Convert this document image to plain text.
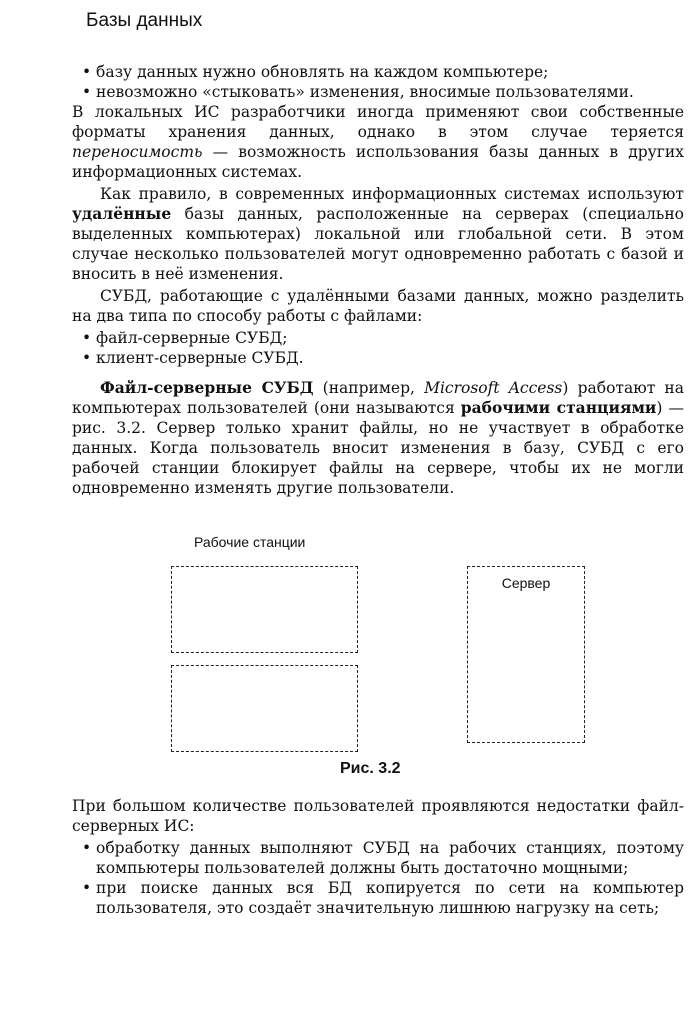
Базы данных

• базу данных нужно обновлять на каждом компьютере;

• невозможно «стыковать» изменения, вносимые пользователями.

В локальных ИС разработчики иногда применяют свои собственные форматы хранения данных, однако в этом случае теряется переносимость — возможность использования базы данных в других информационных системах.

Как правило, в современных информационных системах используют удалённые базы данных, расположенные на серверах (специально выделенных компьютерах) локальной или глобальной сети. В этом случае несколько пользователей могут одновременно работать с базой и вносить в неё изменения.

СУБД, работающие с удалёнными базами данных, можно разделить на два типа по способу работы с файлами:

• файл-серверные СУБД;

• клиент-серверные СУБД.

Файл-серверные СУБД (например, Microsoft Access) работают на компьютерах пользователей (они называются рабочими станциями) — рис. 3.2. Сервер только хранит файлы, но не участвует в обработке данных. Когда пользователь вносит изменения в базу, СУБД с его рабочей станции блокирует файлы на сервере, чтобы их не могли одновременно изменять другие пользователи.

Рабочие станции
Сервер
Рис. 3.2

При большом количестве пользователей проявляются недостатки файл-серверных ИС:

• обработку данных выполняют СУБД на рабочих станциях, поэтому компьютеры пользователей должны быть достаточно мощными;

• при поиске данных вся БД копируется по сети на компьютер пользователя, это создаёт значительную лишнюю нагрузку на сеть;
